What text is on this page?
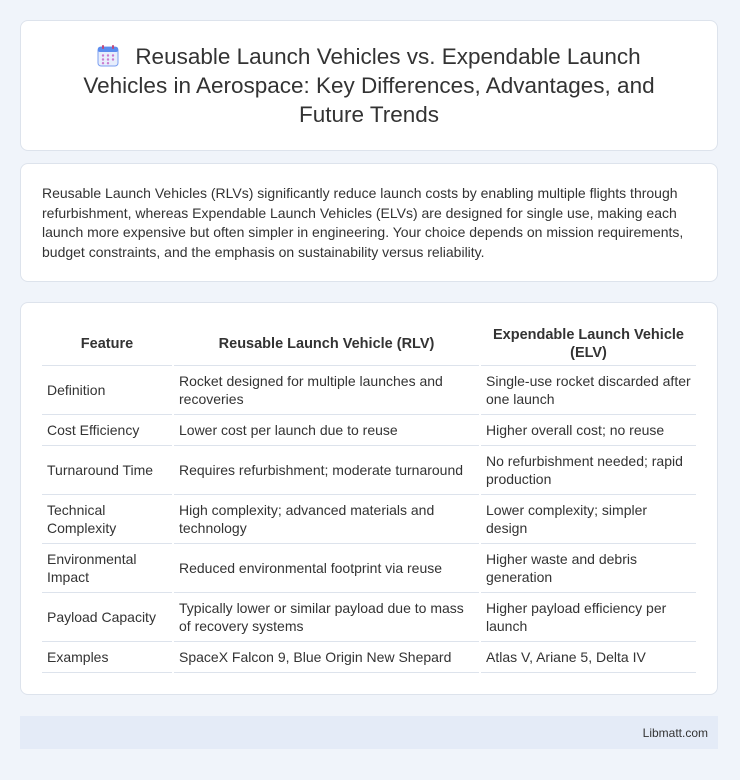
Reusable Launch Vehicles vs. Expendable Launch Vehicles in Aerospace: Key Differences, Advantages, and Future Trends

Reusable Launch Vehicles (RLVs) significantly reduce launch costs by enabling multiple flights through refurbishment, whereas Expendable Launch Vehicles (ELVs) are designed for single use, making each launch more expensive but often simpler in engineering. Your choice depends on mission requirements, budget constraints, and the emphasis on sustainability versus reliability.

Feature	Reusable Launch Vehicle (RLV)	Expendable Launch Vehicle (ELV)
Definition	Rocket designed for multiple launches and recoveries	Single-use rocket discarded after one launch
Cost Efficiency	Lower cost per launch due to reuse	Higher overall cost; no reuse
Turnaround Time	Requires refurbishment; moderate turnaround	No refurbishment needed; rapid production
Technical Complexity	High complexity; advanced materials and technology	Lower complexity; simpler design
Environmental Impact	Reduced environmental footprint via reuse	Higher waste and debris generation
Payload Capacity	Typically lower or similar payload due to mass of recovery systems	Higher payload efficiency per launch
Examples	SpaceX Falcon 9, Blue Origin New Shepard	Atlas V, Ariane 5, Delta IV
Libmatt.com
